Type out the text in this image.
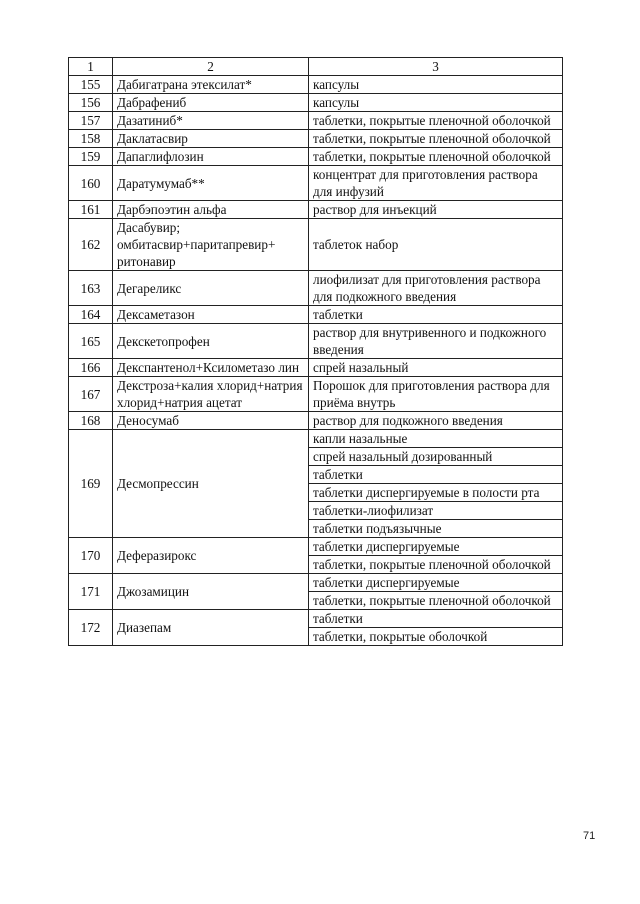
1	2	3
155	Дабигатрана этексилат*	капсулы
156	Дабрафениб	капсулы
157	Дазатиниб*	таблетки, покрытые пленочной оболочкой
158	Даклатасвир	таблетки, покрытые пленочной оболочкой
159	Дапаглифлозин	таблетки, покрытые пленочной оболочкой
160	Даратумумаб**	концентрат для приготовления раствора для инфузий
161	Дарбэпоэтин альфа	раствор для инъекций
162	Дасабувир; омбитасвир+паритапревир+ ритонавир	таблеток набор
163	Дегареликс	лиофилизат для приготовления раствора для подкожного введения
164	Дексаметазон	таблетки
165	Декскетопрофен	раствор для внутривенного и подкожного введения
166	Декспантенол+Ксилометазо лин	спрей назальный
167	Декстроза+калия хлорид+натрия хлорид+натрия ацетат	Порошок для приготовления раствора для приёма внутрь
168	Деносумаб	раствор для подкожного введения
169	Десмопрессин	капли назальные
		спрей назальный дозированный
		таблетки
		таблетки диспергируемые в полости рта
		таблетки-лиофилизат
		таблетки подъязычные
170	Деферазирокс	таблетки диспергируемые
		таблетки, покрытые пленочной оболочкой
171	Джозамицин	таблетки диспергируемые
		таблетки, покрытые пленочной оболочкой
172	Диазепам	таблетки
		таблетки, покрытые оболочкой
71
